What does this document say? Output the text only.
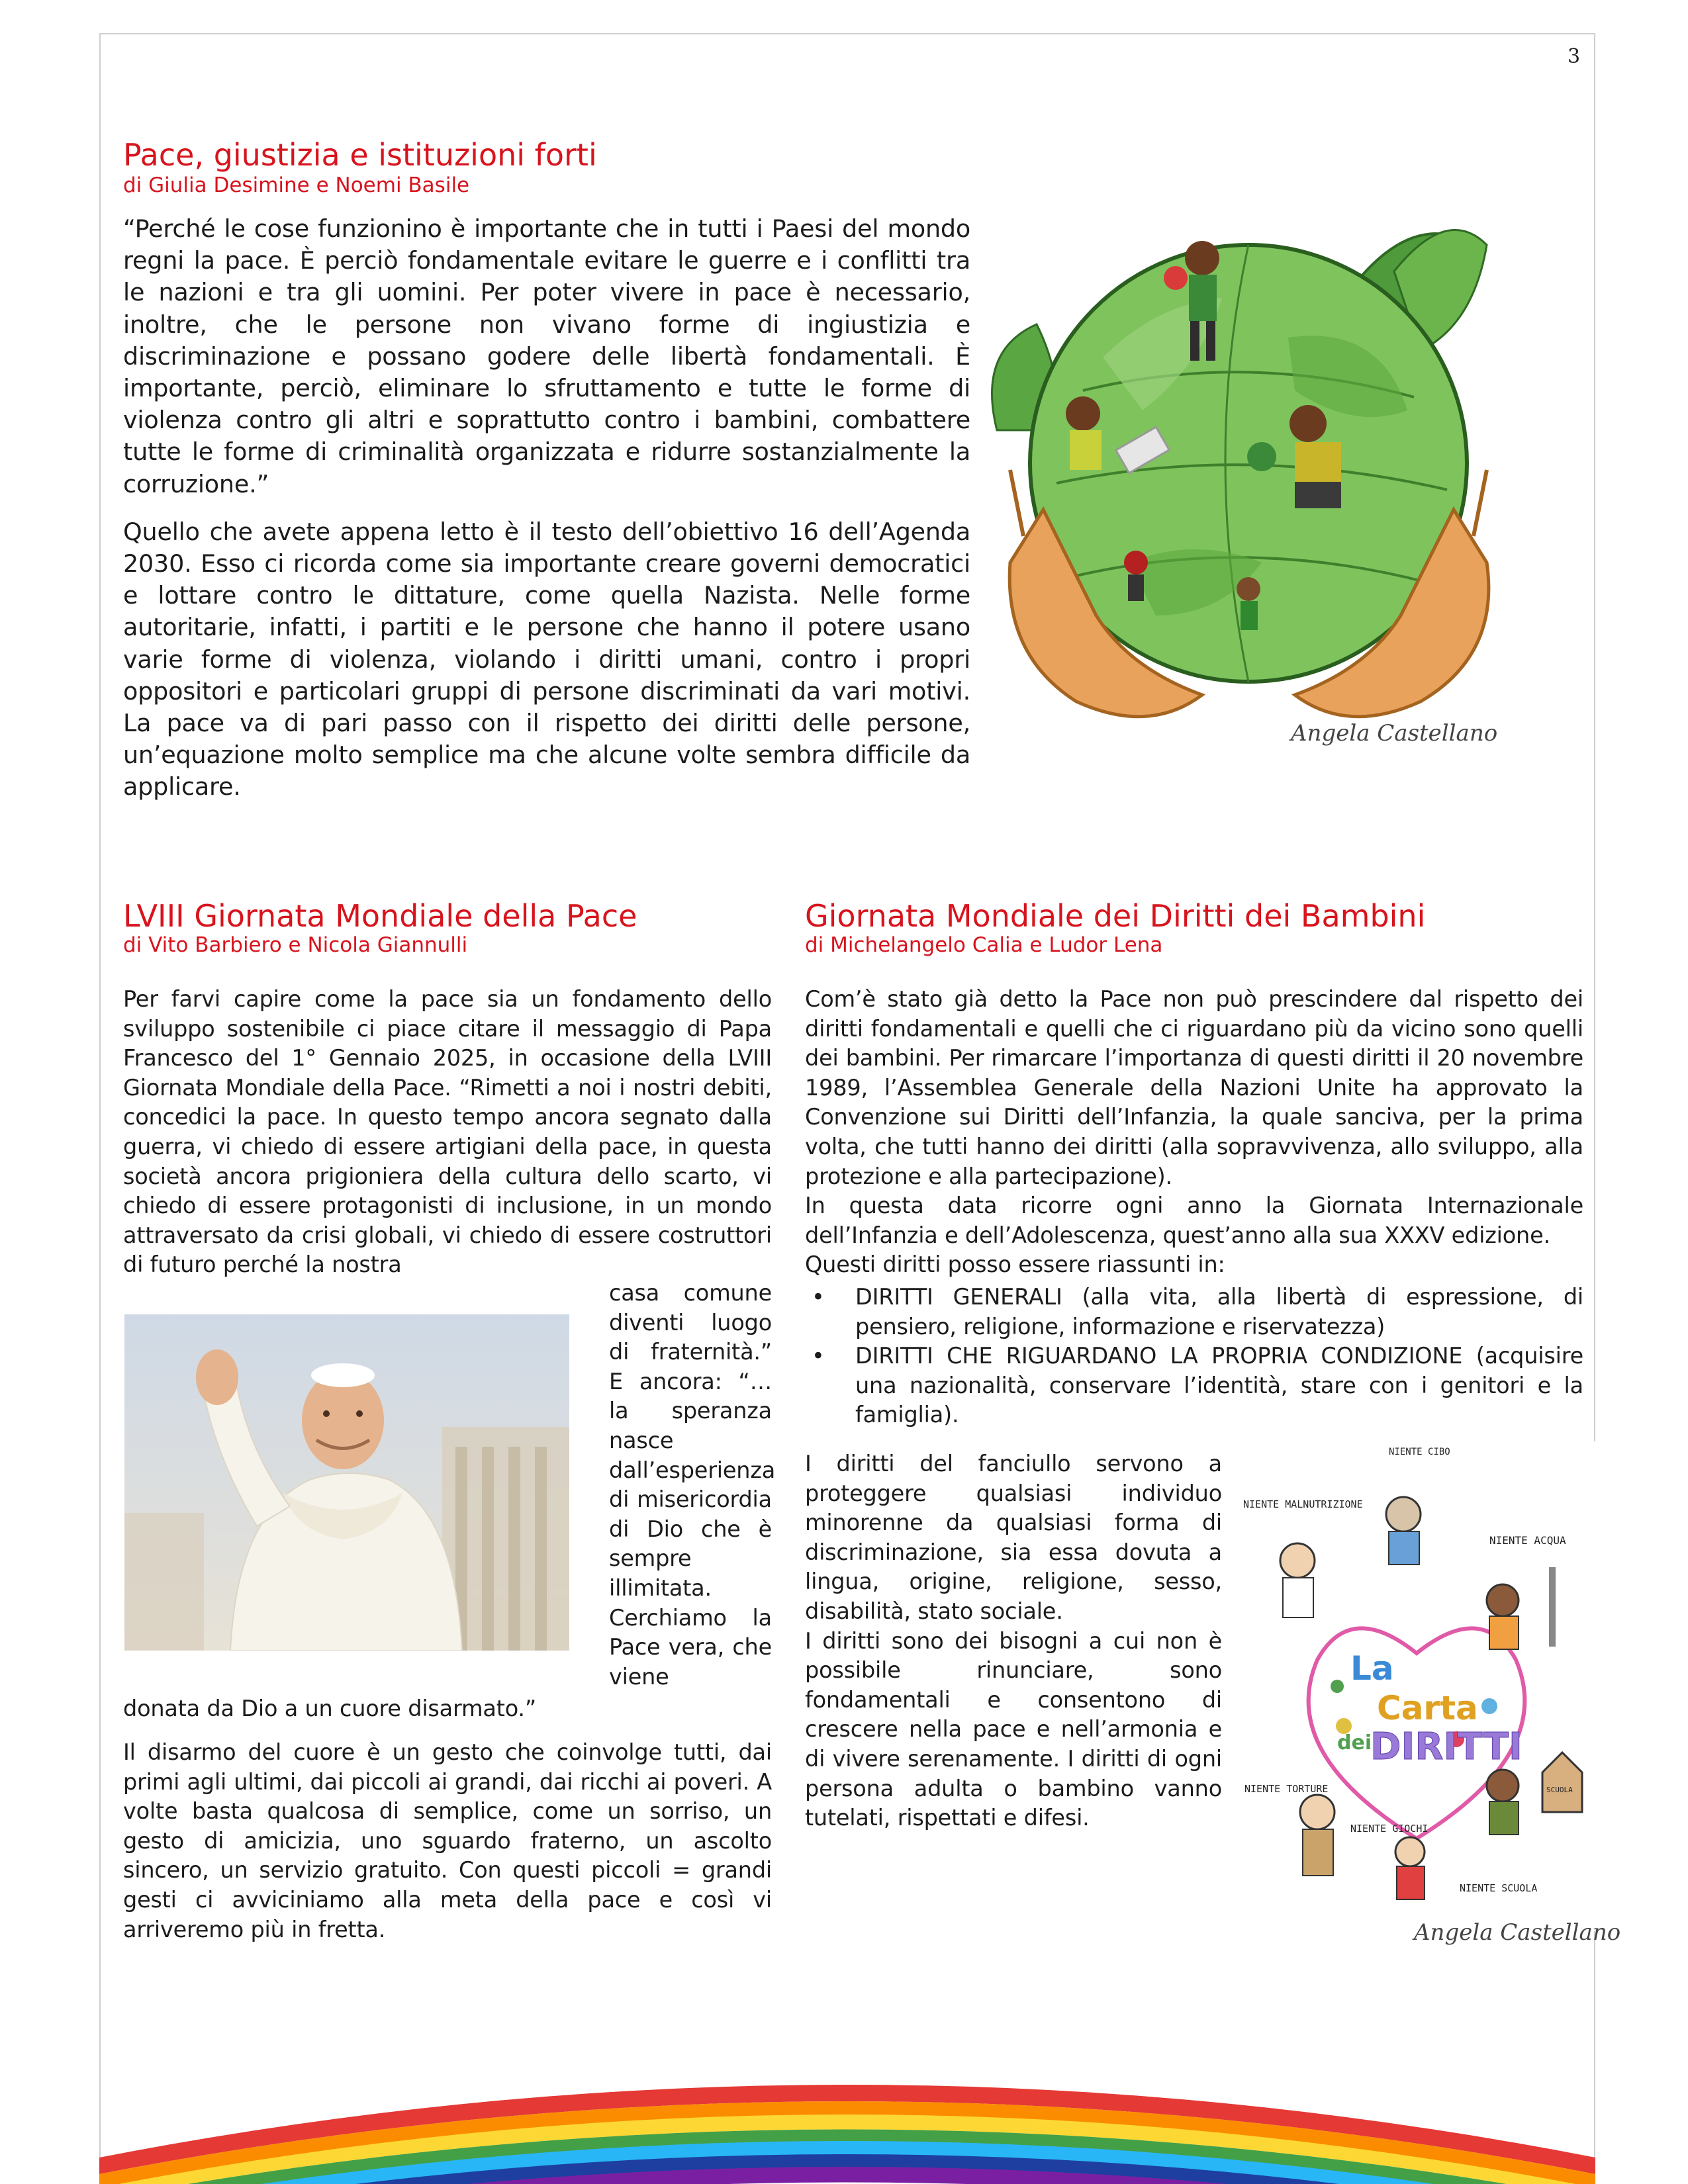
3
Pace, giustizia e istituzioni forti
di Giulia Desimine e Noemi Basile

“Perché le cose funzionino è importante che in tutti i Paesi del mondo regni la pace. È perciò fondamentale evitare le guerre e i conflitti tra le nazioni e tra gli uomini. Per poter vivere in pace è necessario, inoltre, che le persone non vivano forme di ingiustizia e discriminazione e possano godere delle libertà fondamentali. È importante, perciò, eliminare lo sfruttamento e tutte le forme di violenza contro gli altri e soprattutto contro i bambini, combattere tutte le forme di criminalità organizzata e ridurre sostanzialmente la corruzione.”

Quello che avete appena letto è il testo dell’obiettivo 16 dell’Agenda 2030. Esso ci ricorda come sia importante creare governi democratici e lottare contro le dittature, come quella Nazista. Nelle forme autoritarie, infatti, i partiti e le persone che hanno il potere usano varie forme di violenza, violando i diritti umani, contro i propri oppositori e particolari gruppi di persone discriminati da vari motivi. La pace va di pari passo con il rispetto dei diritti delle persone, un’equazione molto semplice ma che alcune volte sembra difficile da applicare.

Angela Castellano
LVIII Giornata Mondiale della Pace
di Vito Barbiero e Nicola Giannulli
Per farvi capire come la pace sia un fondamento dello sviluppo sostenibile ci piace citare il messaggio di Papa Francesco del 1° Gennaio 2025, in occasione della LVIII Giornata Mondiale della Pace. “Rimetti a noi i nostri debiti, concedici la pace. In questo tempo ancora segnato dalla guerra, vi chiedo di essere artigiani della pace, in questa società ancora prigioniera della cultura dello scarto, vi chiedo di essere protagonisti di inclusione, in un mondo attraversato da crisi globali, vi chiedo di essere costruttori di futuro perché la nostra
casa comune diventi luogo di fraternità.” E ancora: “… la speranza nasce dall’esperienza di misericordia di Dio che è sempre illimitata. Cerchiamo la Pace vera, che viene
donata da Dio a un cuore disarmato.”
Il disarmo del cuore è un gesto che coinvolge tutti, dai primi agli ultimi, dai piccoli ai grandi, dai ricchi ai poveri. A volte basta qualcosa di semplice, come un sorriso, un gesto di amicizia, uno sguardo fraterno, un ascolto sincero, un servizio gratuito. Con questi piccoli = grandi gesti ci avviciniamo alla meta della pace e così vi arriveremo più in fretta.
Giornata Mondiale dei Diritti dei Bambini
di Michelangelo Calia e Ludor Lena

Com’è stato già detto la Pace non può prescindere dal rispetto dei diritti fondamentali e quelli che ci riguardano più da vicino sono quelli dei bambini. Per rimarcare l’importanza di questi diritti il 20 novembre 1989, l’Assemblea Generale della Nazioni Unite ha approvato la Convenzione sui Diritti dell’Infanzia, la quale sanciva, per la prima volta, che tutti hanno dei diritti (alla sopravvivenza, allo sviluppo, alla protezione e alla partecipazione).

In questa data ricorre ogni anno la Giornata Internazionale dell’Infanzia e dell’Adolescenza, quest’anno alla sua XXXV edizione.

Questi diritti posso essere riassunti in:

• DIRITTI GENERALI (alla vita, alla libertà di espressione, di pensiero, religione, informazione e riservatezza)
• DIRITTI CHE RIGUARDANO LA PROPRIA CONDIZIONE (acquisire una nazionalità, conservare l’identità, stare con i genitori e la famiglia).

I diritti del fanciullo servono a proteggere qualsiasi individuo minorenne da qualsiasi forma di discriminazione, sia essa dovuta a lingua, origine, religione, sesso, disabilità, stato sociale.

I diritti sono dei bisogni a cui non è possibile rinunciare, sono fondamentali e consentono di crescere nella pace e nell’armonia e di vivere serenamente. I diritti di ogni persona adulta o bambino vanno tutelati, rispettati e difesi.

NIENTE CIBO
NIENTE MALNUTRIZIONE
NIENTE ACQUA
NIENTE TORTURE
NIENTE GIOCHI
SCUOLA
NIENTE SCUOLA
La
Carta
dei
DIRITTI
Angela Castellano
